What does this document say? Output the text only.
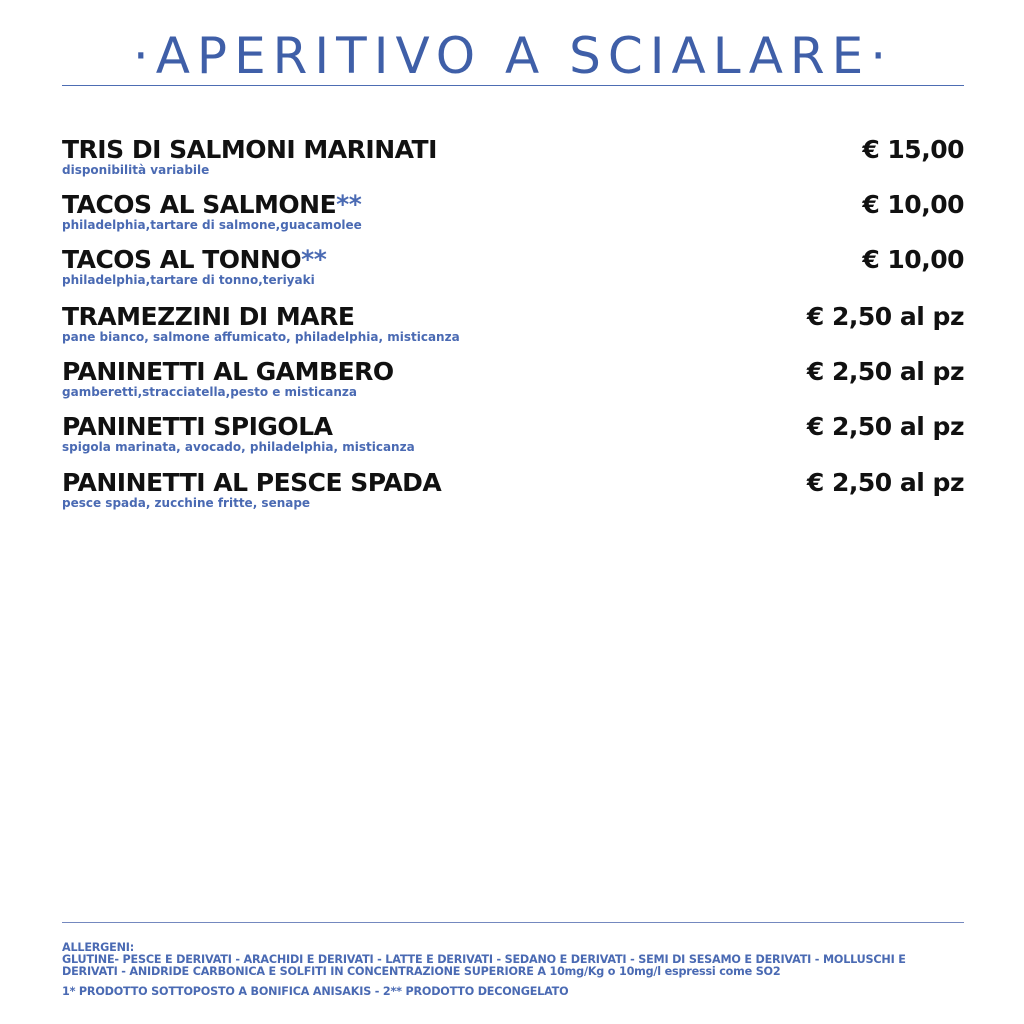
·APERITIVO A SCIALARE·
TRIS DI SALMONI MARINATI	€ 15,00
disponibilità variabile
TACOS AL SALMONE**	€ 10,00
philadelphia,tartare di salmone,guacamolee
TACOS AL TONNO**	€ 10,00
philadelphia,tartare di tonno,teriyaki
TRAMEZZINI DI MARE	€ 2,50 al pz
pane bianco, salmone affumicato, philadelphia, misticanza
PANINETTI AL GAMBERO	€ 2,50 al pz
gamberetti,stracciatella,pesto e misticanza
PANINETTI SPIGOLA	€ 2,50 al pz
spigola marinata, avocado, philadelphia, misticanza
PANINETTI AL PESCE SPADA	€ 2,50 al pz
pesce spada, zucchine fritte, senape
ALLERGENI:
GLUTINE- PESCE E DERIVATI - ARACHIDI E DERIVATI - LATTE E DERIVATI - SEDANO E DERIVATI - SEMI DI SESAMO E DERIVATI - MOLLUSCHI E
DERIVATI - ANIDRIDE CARBONICA E SOLFITI IN CONCENTRAZIONE SUPERIORE A 10mg/Kg o 10mg/l espressi come SO2
1* PRODOTTO SOTTOPOSTO A BONIFICA ANISAKIS - 2** PRODOTTO DECONGELATO
